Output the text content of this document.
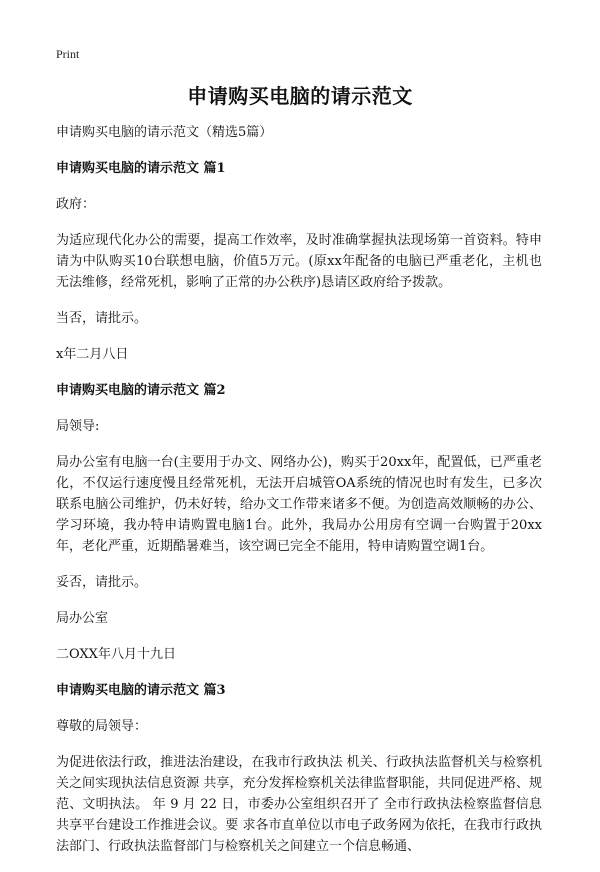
Print
申请购买电脑的请示范文

申请购买电脑的请示范文（精选5篇）

申请购买电脑的请示范文 篇1

政府：

为适应现代化办公的需要，提高工作效率，及时准确掌握执法现场第一首资料。特申请为中队购买10台联想电脑，价值5万元。(原xx年配备的电脑已严重老化，主机也无法维修，经常死机，影响了正常的办公秩序)恳请区政府给予拨款。

当否，请批示。

x年二月八日

申请购买电脑的请示范文 篇2

局领导:

局办公室有电脑一台(主要用于办文、网络办公)，购买于20xx年，配置低，已严重老化，不仅运行速度慢且经常死机，无法开启城管OA系统的情况也时有发生，已多次联系电脑公司维护，仍未好转，给办文工作带来诸多不便。为创造高效顺畅的办公、学习环境，我办特申请购置电脑1台。此外，我局办公用房有空调一台购置于20xx年，老化严重，近期酷暑难当，该空调已完全不能用，特申请购置空调1台。

妥否，请批示。

局办公室

二OXX年八月十九日

申请购买电脑的请示范文 篇3

尊敬的局领导：

为促进依法行政，推进法治建设，在我市行政执法 机关、行政执法监督机关与检察机关之间实现执法信息资源 共享，充分发挥检察机关法律监督职能，共同促进严格、规 范、文明执法。 年 9 月 22 日，市委办公室组织召开了 全市行政执法检察监督信息共享平台建设工作推进会议。要 求各市直单位以市电子政务网为依托，在我市行政执法部门、行政执法监督部门与检察机关之间建立一个信息畅通、
